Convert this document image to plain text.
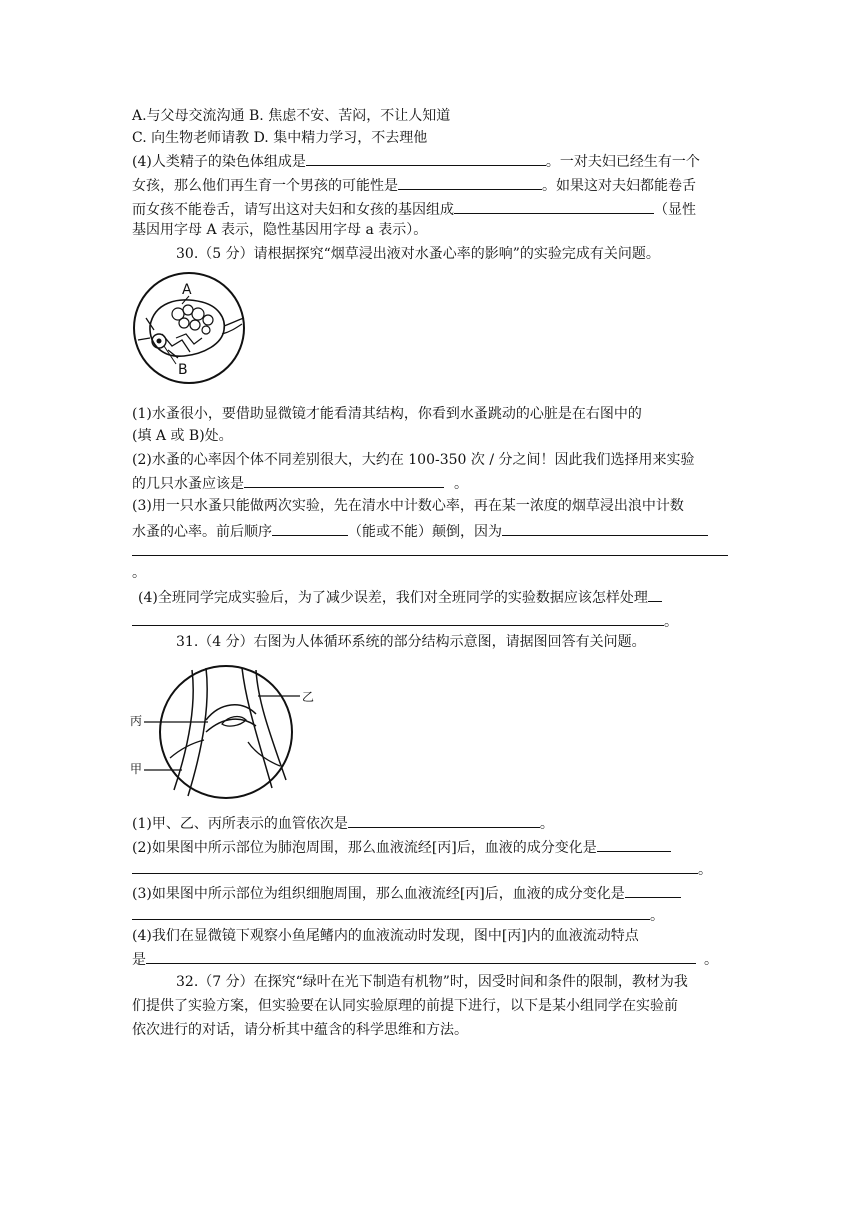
A.与父母交流沟通 B. 焦虑不安、苦闷，不让人知道
C. 向生物老师请教 D. 集中精力学习，不去理他
(4)人类精子的染色体组成是	。一对夫妇已经生有一个
女孩，那么他们再生育一个男孩的可能性是	。如果这对夫妇都能卷舌
而女孩不能卷舌，请写出这对夫妇和女孩的基因组成	（显性
基因用字母 A 表示，隐性基因用字母 a 表示）。
30.（5 分）请根据探究“烟草浸出液对水蚤心率的影响”的实验完成有关问题。
A
B
(1)水蚤很小，要借助显微镜才能看清其结构，你看到水蚤跳动的心脏是在右图中的
(填 A 或 B)处。
(2)水蚤的心率因个体不同差别很大，大约在 100-350 次 / 分之间！因此我们选择用来实验
的几只水蚤应该是	。
(3)用一只水蚤只能做两次实验，先在清水中计数心率，再在某一浓度的烟草浸出浪中计数
水蚤的心率。前后顺序	（能或不能）颠倒，因为
。
(4)全班同学完成实验后，为了减少误差，我们对全班同学的实验数据应该怎样处理
。
31.（4 分）右图为人体循环系统的部分结构示意图，请据图回答有关问题。
丙
乙
甲
(1)甲、乙、丙所表示的血管依次是	。
(2)如果图中所示部位为肺泡周围，那么血液流经[丙]后，血液的成分变化是
。
(3)如果图中所示部位为组织细胞周围，那么血液流经[丙]后，血液的成分变化是
。
(4)我们在显微镜下观察小鱼尾鳍内的血液流动时发现，图中[丙]内的血液流动特点
是	。
32.（7 分）在探究“绿叶在光下制造有机物”时，因受时间和条件的限制，教材为我
们提供了实验方案，但实验要在认同实验原理的前提下进行，以下是某小组同学在实验前
依次进行的对话，请分析其中蕴含的科学思维和方法。
